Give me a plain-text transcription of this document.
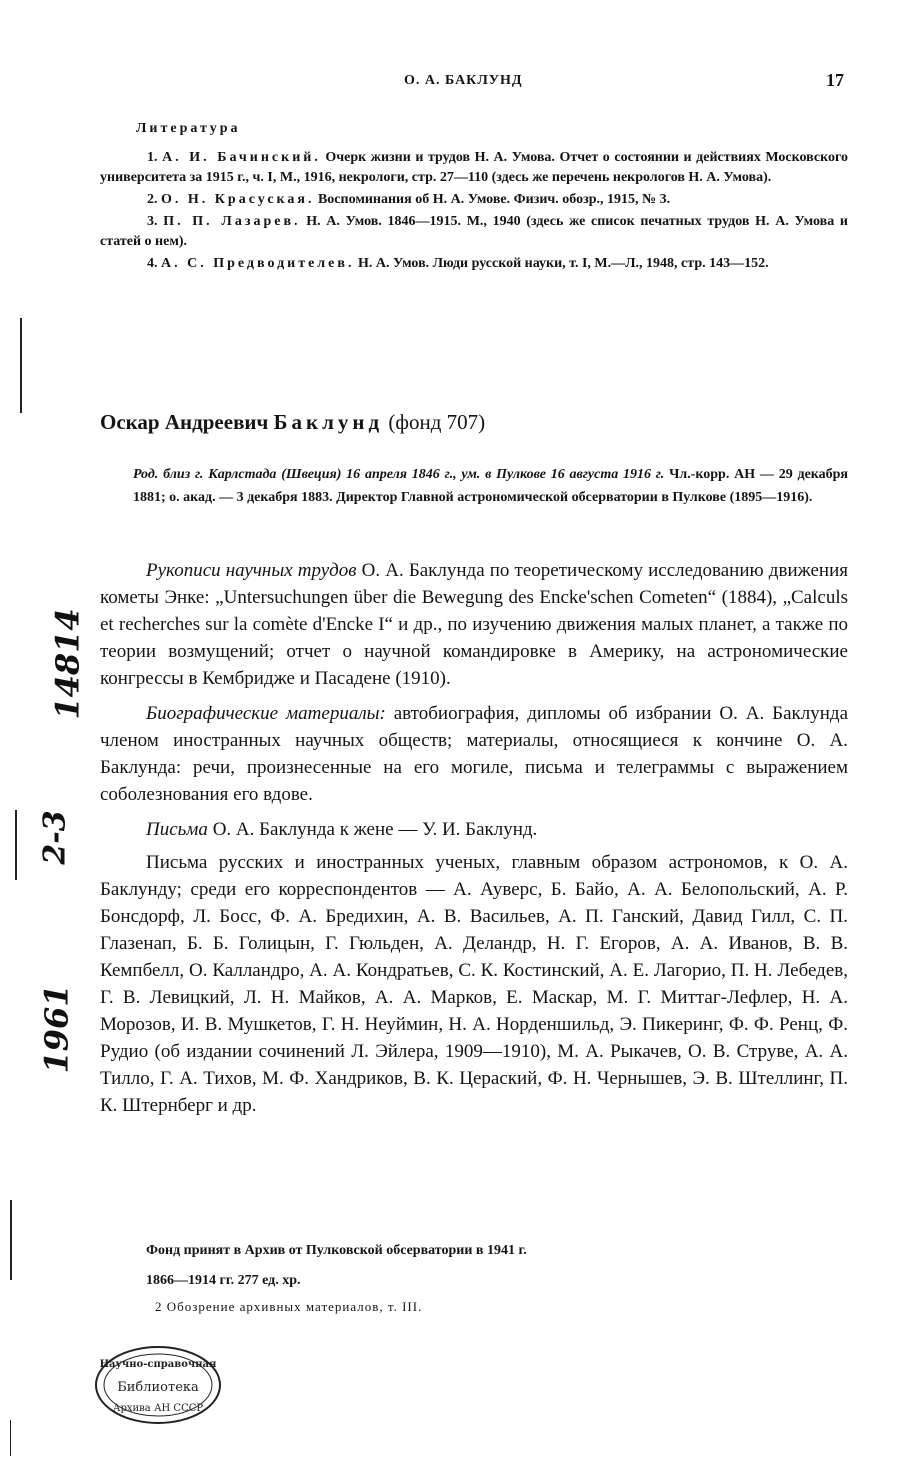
О. А. БАКЛУНД	17
Литература

1. А. И. Бачинский. Очерк жизни и трудов Н. А. Умова. Отчет о состоянии и действиях Московского университета за 1915 г., ч. I, М., 1916, некрологи, стр. 27—110 (здесь же перечень некрологов Н. А. Умова).

2. О. Н. Красуская. Воспоминания об Н. А. Умове. Физич. обозр., 1915, № 3.

3. П. П. Лазарев. Н. А. Умов. 1846—1915. М., 1940 (здесь же список печатных трудов Н. А. Умова и статей о нем).

4. А. С. Предводителев. Н. А. Умов. Люди русской науки, т. I, М.—Л., 1948, стр. 143—152.

Оскар Андреевич Баклунд (фонд 707)
Род. близ г. Карлстада (Швеция) 16 апреля 1846 г., ум. в Пулкове 16 августа 1916 г. Чл.-корр. АН — 29 декабря 1881; о. акад. — 3 декабря 1883. Директор Главной астрономической обсерватории в Пулкове (1895—1916).

Рукописи научных трудов О. А. Баклунда по теоретическому исследованию движения кометы Энке: „Untersuchungen über die Bewegung des Encke'schen Cometen“ (1884), „Calculs et recherches sur la comète d'Encke I“ и др., по изучению движения малых планет, а также по теории возмущений; отчет о научной командировке в Америку, на астрономические конгрессы в Кембридже и Пасадене (1910).

Биографические материалы: автобиография, дипломы об избрании О. А. Баклунда членом иностранных научных обществ; материалы, относящиеся к кончине О. А. Баклунда: речи, произнесенные на его могиле, письма и телеграммы с выражением соболезнования его вдове.

Письма О. А. Баклунда к жене — У. И. Баклунд.

Письма русских и иностранных ученых, главным образом астрономов, к О. А. Баклунду; среди его корреспондентов — А. Ауверс, Б. Байо, А. А. Белопольский, А. Р. Бонсдорф, Л. Босс, Ф. А. Бредихин, А. В. Васильев, А. П. Ганский, Давид Гилл, С. П. Глазенап, Б. Б. Голицын, Г. Гюльден, А. Деландр, Н. Г. Егоров, А. А. Иванов, В. В. Кемпбелл, О. Калландро, А. А. Кондратьев, С. К. Костинский, А. Е. Лагорио, П. Н. Лебедев, Г. В. Левицкий, Л. Н. Майков, А. А. Марков, Е. Маскар, М. Г. Миттаг-Лефлер, Н. А. Морозов, И. В. Мушкетов, Г. Н. Неуймин, Н. А. Норденшильд, Э. Пикеринг, Ф. Ф. Ренц, Ф. Рудио (об издании сочинений Л. Эйлера, 1909—1910), М. А. Рыкачев, О. В. Струве, А. А. Тилло, Г. А. Тихов, М. Ф. Хандриков, В. К. Цераский, Ф. Н. Чернышев, Э. В. Штеллинг, П. К. Штернберг и др.

Фонд принят в Архив от Пулковской обсерватории в 1941 г.
1866—1914 гг. 277 ед. хр.
2 Обозрение архивных материалов, т. III.
14814
2-3
1961
Научно-справочная
Библиотека
Архива АН СССР
